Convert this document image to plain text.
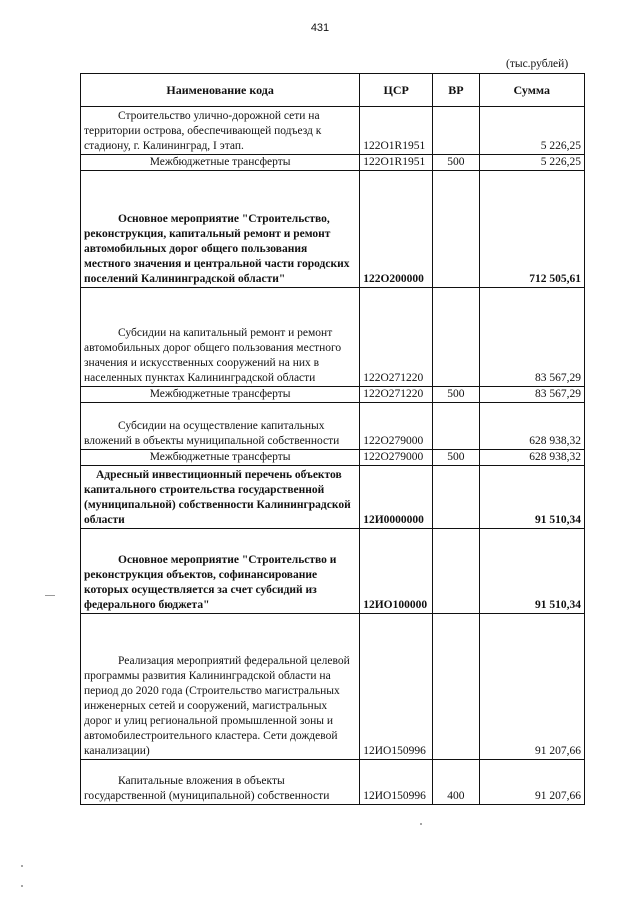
431
(тыс.рублей)
Наименование кода	ЦСР	ВР	Сумма

Строительство улично-дорожной сети на территории острова, обеспечивающей подъезд к стадиону, г. Калининград, I этап.	122О1R1951		5 226,25
Межбюджетные трансферты	122О1R1951	500	5 226,25

Основное мероприятие "Строительство, реконструкция, капитальный ремонт и ремонт автомобильных дорог общего пользования местного значения и центральной части городских поселений Калининградской области"	122О200000		712 505,61

Субсидии на капитальный ремонт и ремонт автомобильных дорог общего пользования местного значения и искусственных сооружений на них в населенных пунктах Калининградской области	122О271220		83 567,29
Межбюджетные трансферты	122О271220	500	83 567,29

Субсидии на осуществление капитальных вложений в объекты муниципальной собственности	122О279000		628 938,32
Межбюджетные трансферты	122О279000	500	628 938,32

Адресный инвестиционный перечень объектов капитального строительства государственной (муниципальной) собственности Калининградской области	12И0000000		91 510,34

Основное мероприятие "Строительство и реконструкция объектов, софинансирование которых осуществляется за счет субсидий из федерального бюджета"	12ИО100000		91 510,34

Реализация мероприятий федеральной целевой программы развития Калининградской области на период до 2020 года (Строительство магистральных инженерных сетей и сооружений, магистральных дорог и улиц региональной промышленной зоны и автомобилестроительного кластера. Сети дождевой канализации)	12ИО150996		91 207,66

Капитальные вложения в объекты государственной (муниципальной) собственности	12ИО150996	400	91 207,66
